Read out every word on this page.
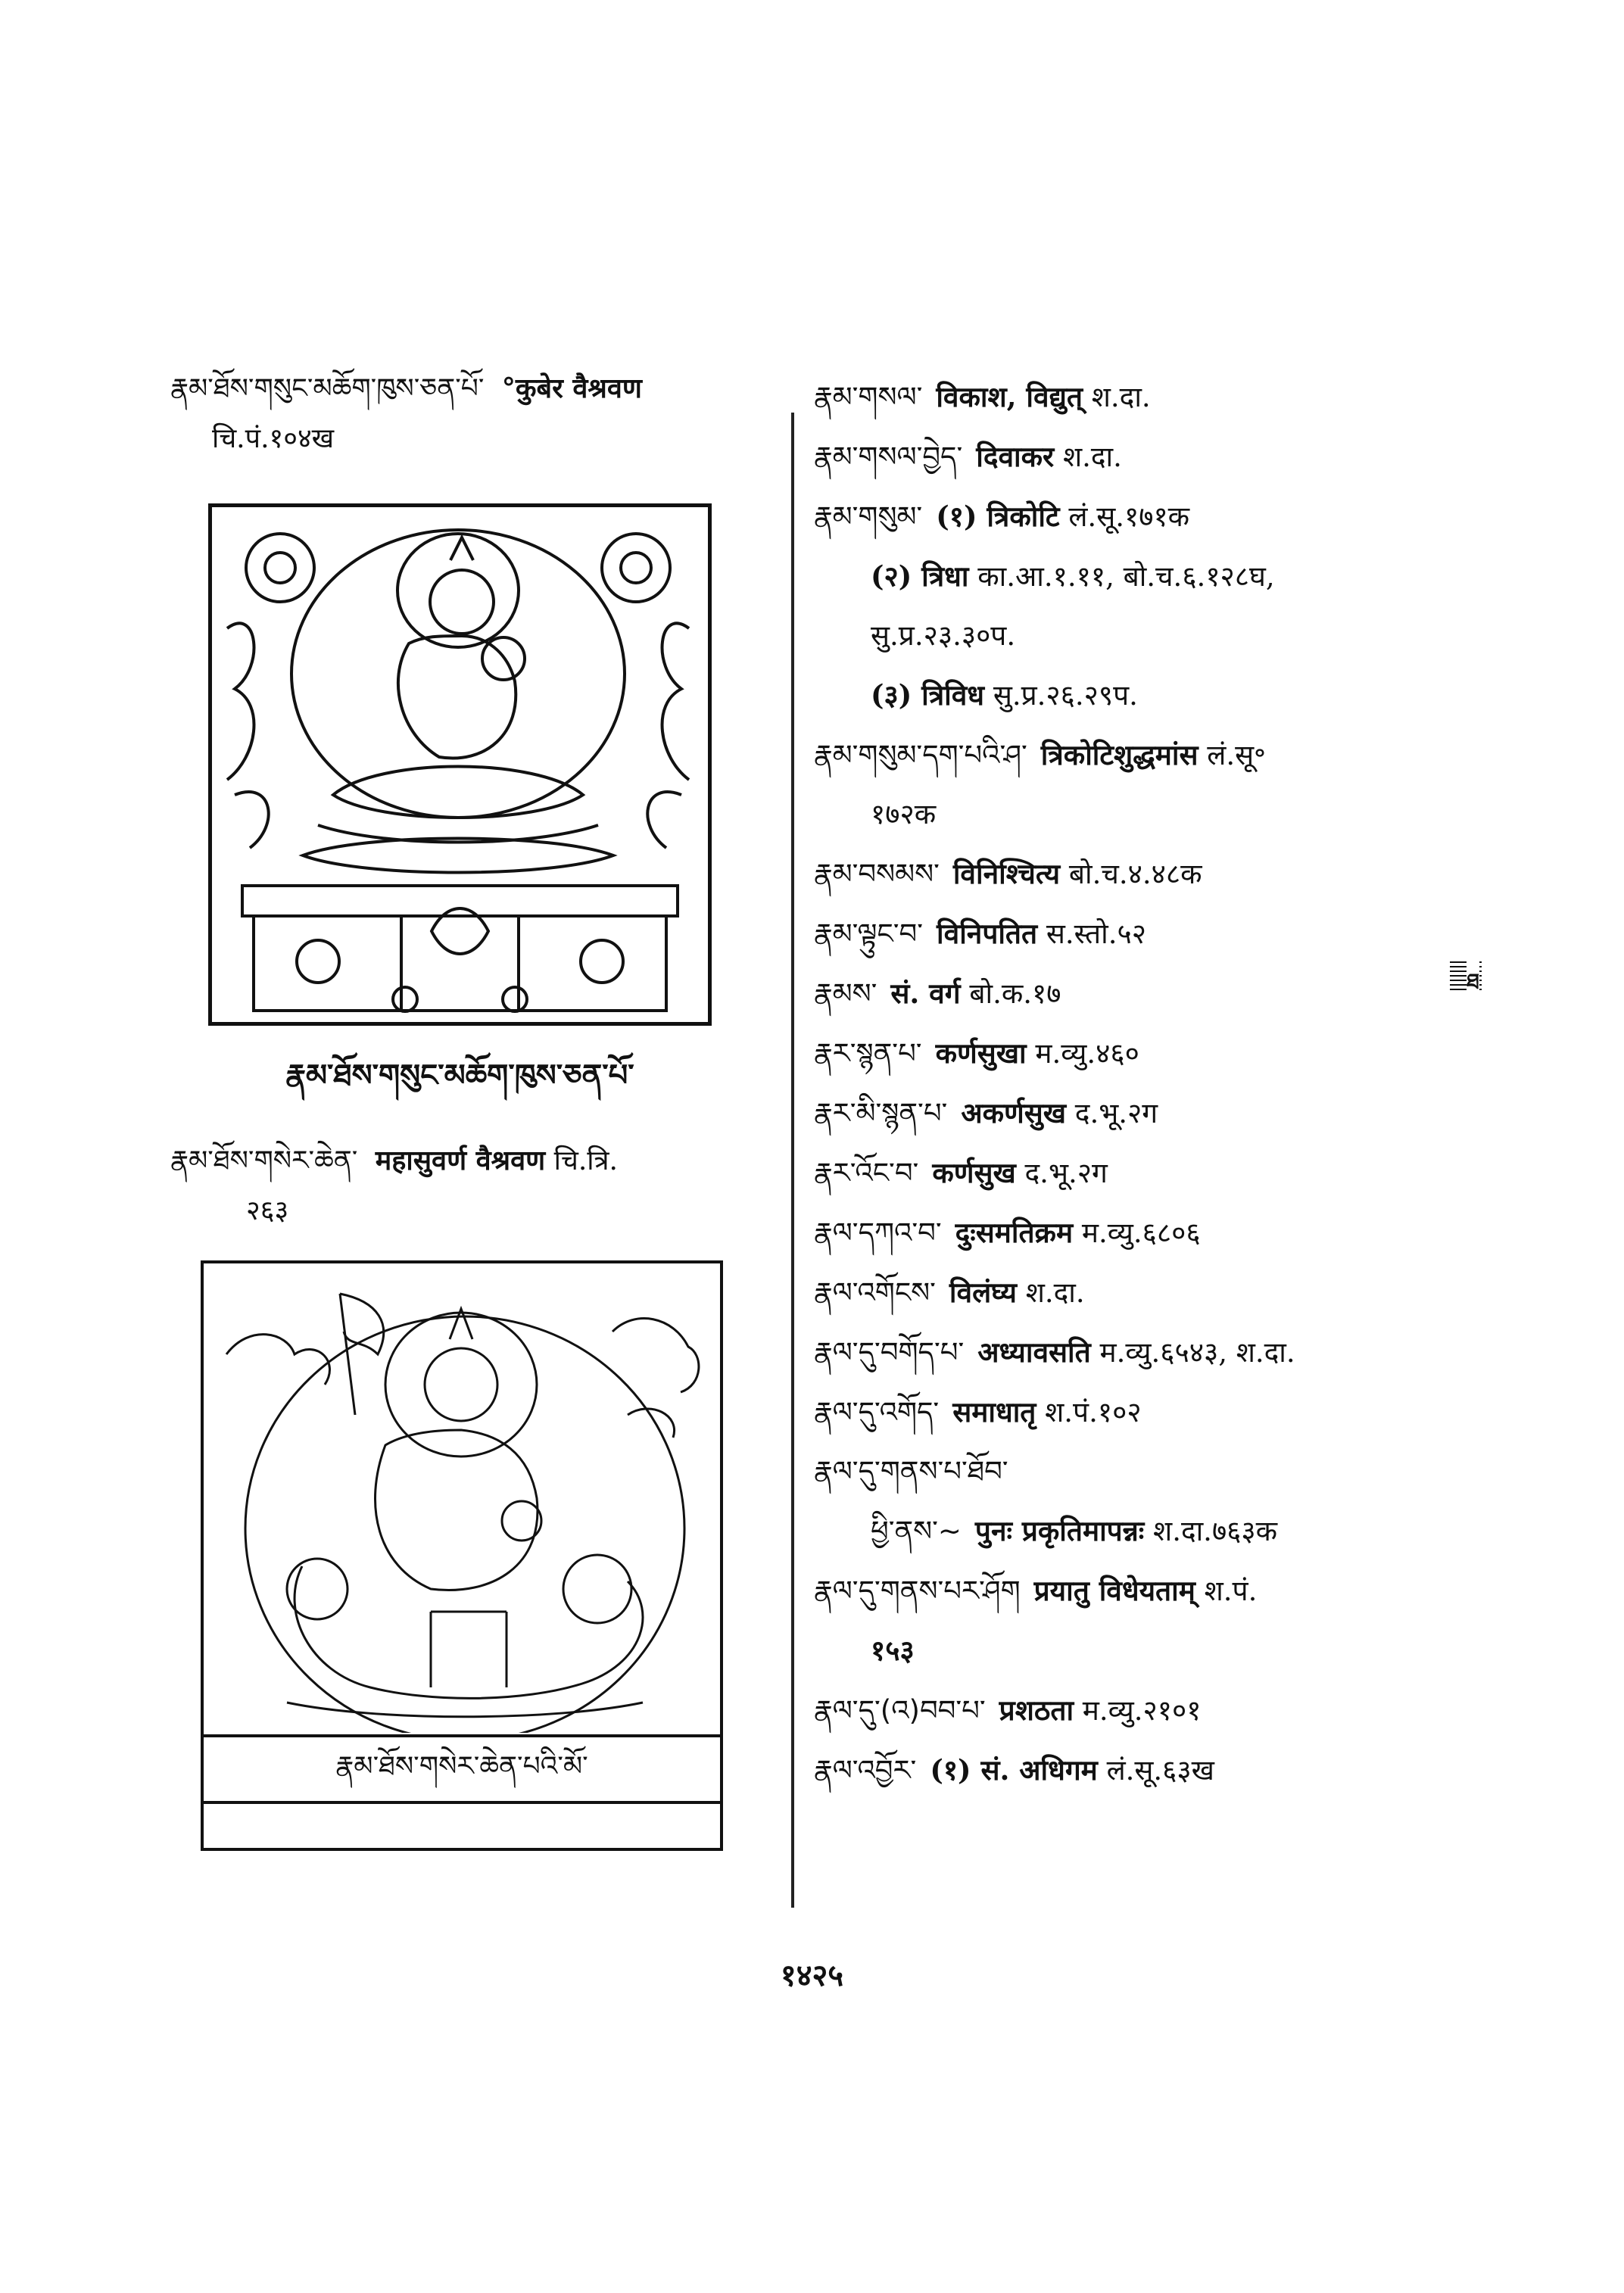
རྣམ་ཐོས་གསུང་མཆོག་ཁུས་ཅན་པོ་ °कुबेर वैश्रवण
चि.पं.१०४ख
རྣམ་ཐོས་གསུང་མཆོག་ཁུས་ཅན་པོ་
རྣམ་ཐོས་གསེར་ཆེན་ महासुवर्ण वैश्रवण चि.त्रि.
२६३
རྣམ་ཐོས་གསེར་ཆེན་པའི་མོ་
རྣམ་གསལ་ विकाश, विद्युत् श.दा.
རྣམ་གསལ་བྱེད་ दिवाकर श.दा.
རྣམ་གསུམ་ (१) त्रिकोटि लं.सू.१७१क
(२) त्रिधा का.आ.१.११, बो.च.६.१२८घ,
सु.प्र.२३.३०प.
(३) त्रिविध सु.प्र.२६.२९प.
རྣམ་གསུམ་དག་པའི་ཤ་ त्रिकोटिशुद्धमांस लं.सू॰
१७२क
རྣམ་བསམས་ विनिश्चित्य बो.च.४.४८क
རྣམ་ལྟུང་བ་ विनिपतित स.स्तो.५२
རྣམས་ सं. वर्ग बो.क.१७
རྣར་སྙན་པ་ कर्णसुखा म.व्यु.४६०
རྣར་མི་སྙན་པ་ अकर्णसुख द.भू.२ग
རྣར་འོང་བ་ कर्णसुख द.भू.२ग
རྣལ་དཀའ་བ་ दुःसमतिक्रम म.व्यु.६८०६
རྣལ་འགོངས་ विलंघ्य श.दा.
རྣལ་དུ་བགོད་པ་ अध्यावसति म.व्यु.६५४३, श.दा.
རྣལ་དུ་འགོད་ समाधातृ श.पं.१०२
རྣལ་དུ་གནས་པ་ཐོབ་
ཕྱི་ནས་~ पुनः प्रकृतिमापन्नः श.दा.७६३क
རྣལ་དུ་གནས་པར་ཤོག प्रयातु विधेयताम् श.पं.
१५३
རྣལ་དུ་(འ)བབ་པ་ प्रशठता म.व्यु.२१०१
རྣལ་འབྱོར་ (१) सं. अधिगम लं.सू.६३ख
ཐ
१४२५
